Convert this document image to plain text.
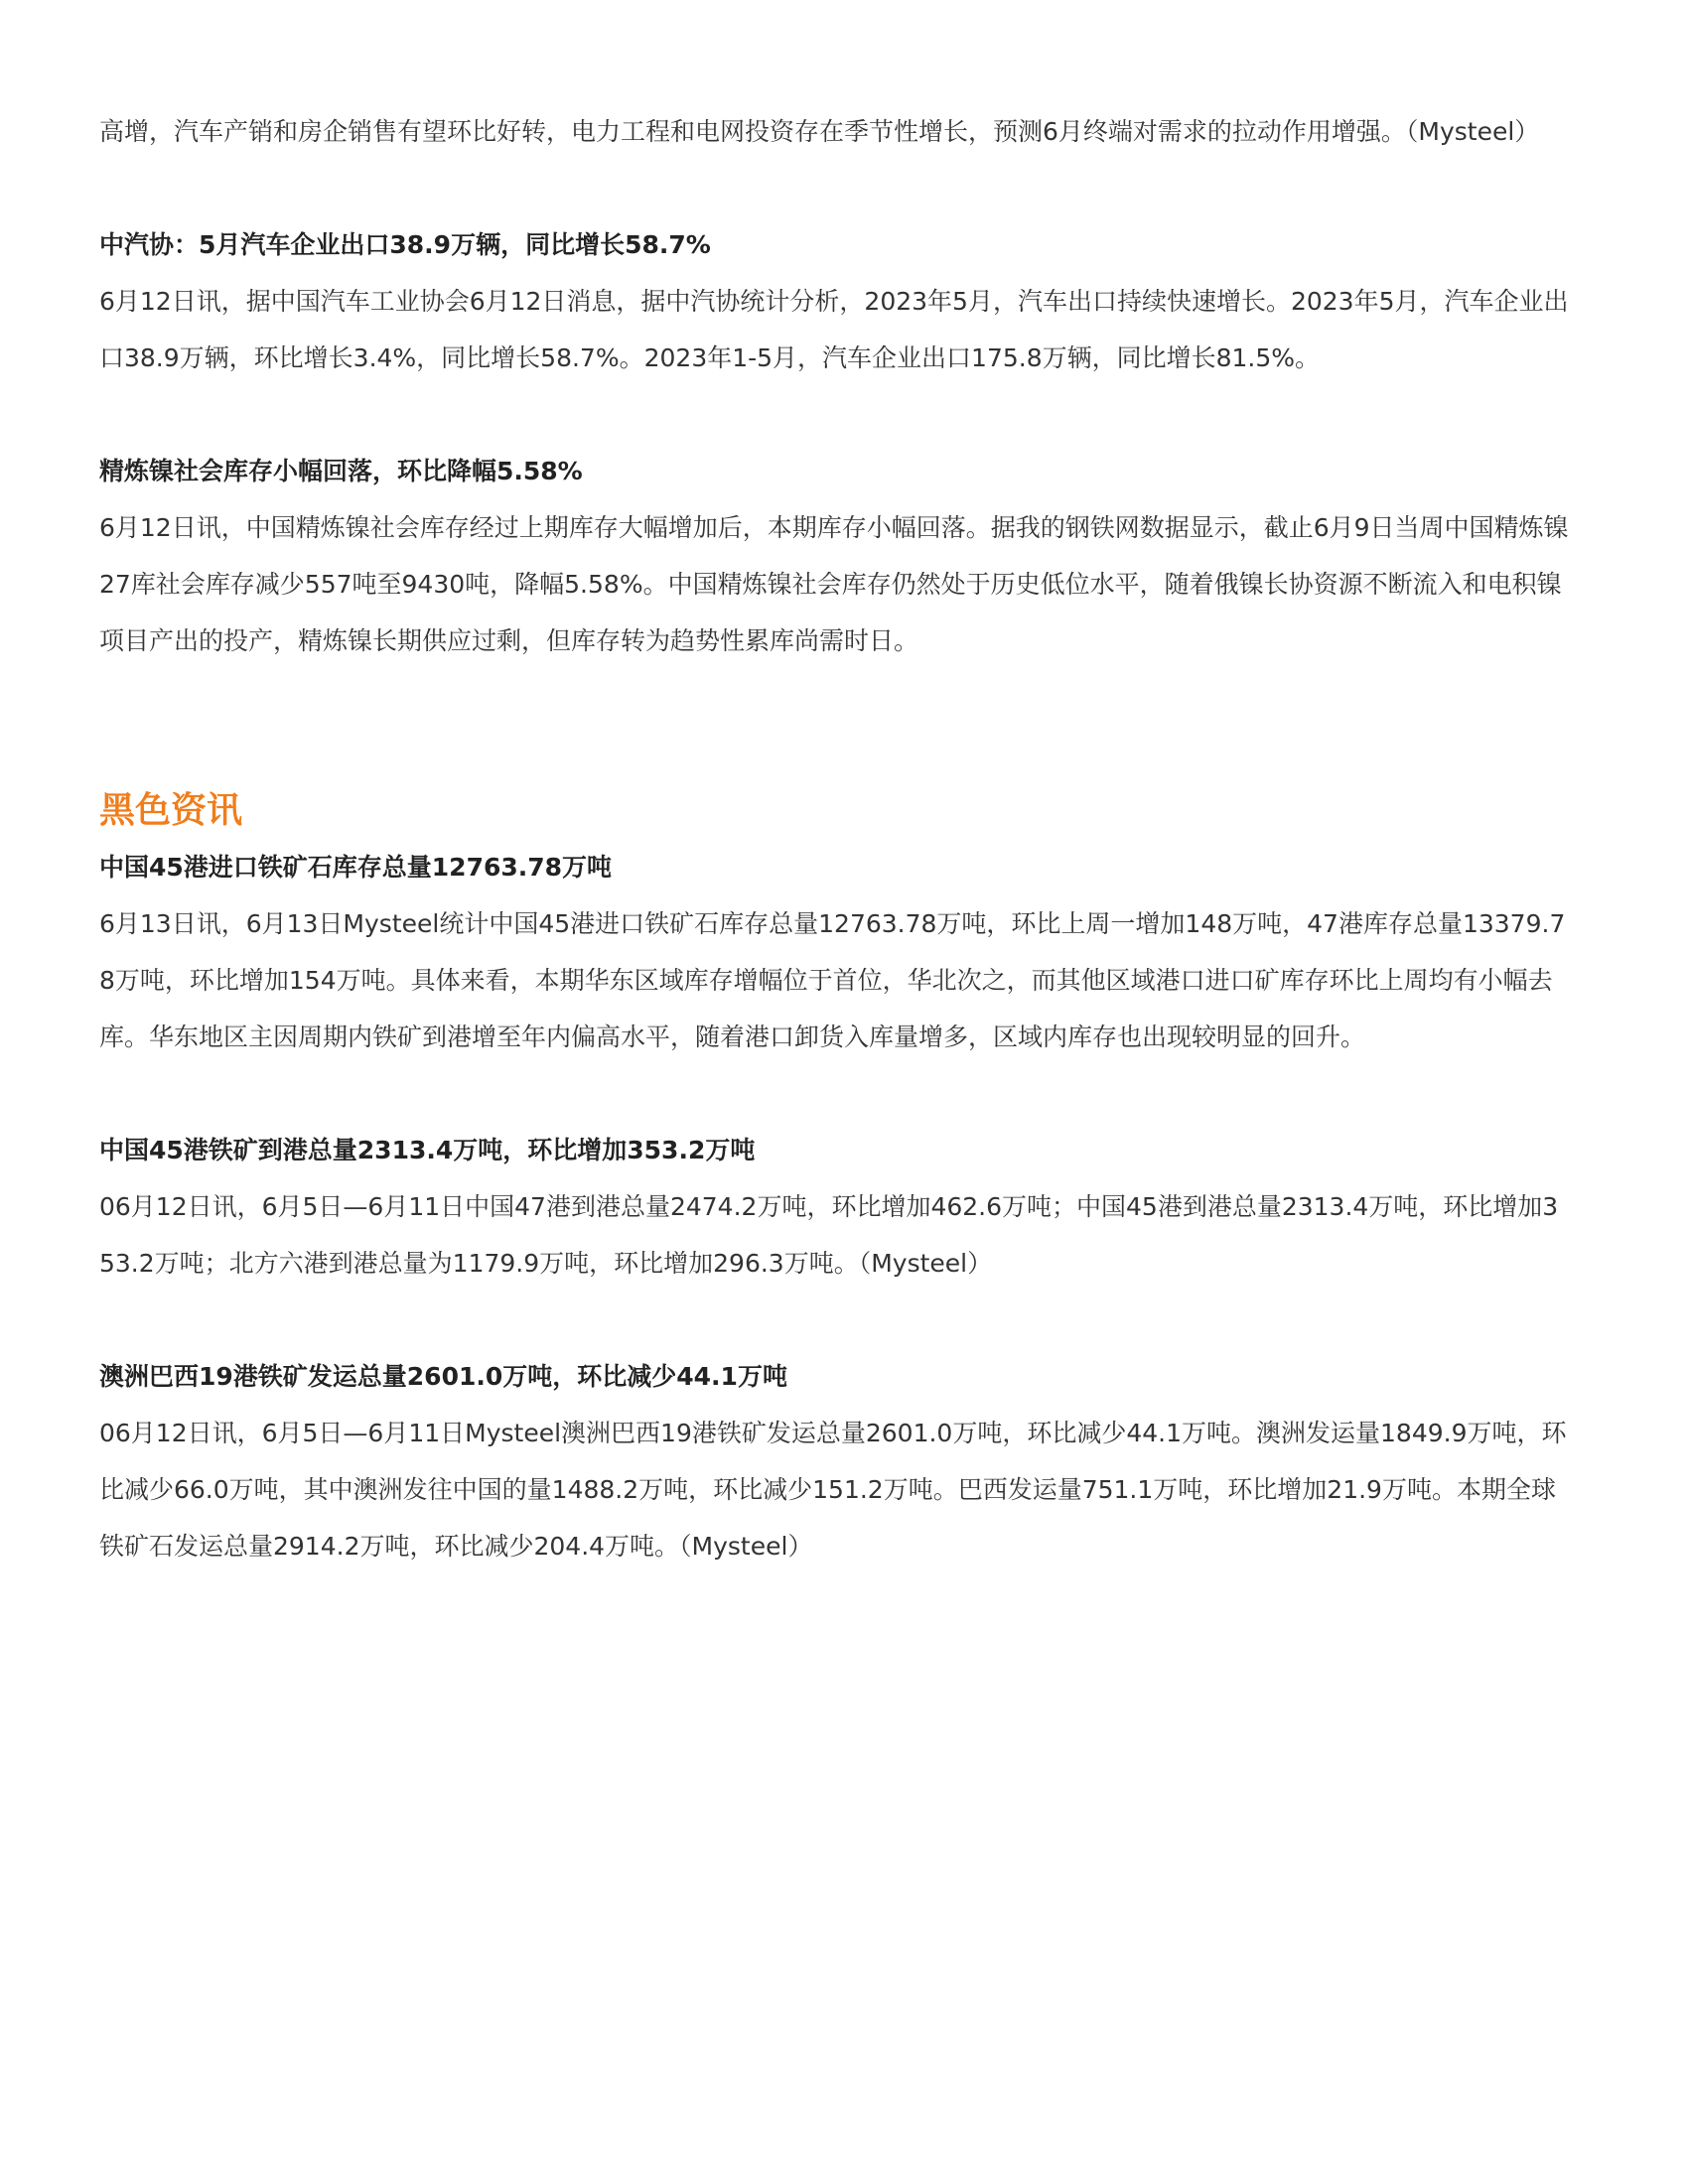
高增，汽车产销和房企销售有望环比好转，电力工程和电网投资存在季节性增长，预测6月终端对需求的拉动作用增强。（Mysteel）

中汽协：5月汽车企业出口38.9万辆，同比增长58.7%

6月12日讯，据中国汽车工业协会6月12日消息，据中汽协统计分析，2023年5月，汽车出口持续快速增长。2023年5月，汽车企业出口38.9万辆，环比增长3.4%，同比增长58.7%。2023年1-5月，汽车企业出口175.8万辆，同比增长81.5%。

精炼镍社会库存小幅回落，环比降幅5.58%

6月12日讯，中国精炼镍社会库存经过上期库存大幅增加后，本期库存小幅回落。据我的钢铁网数据显示，截止6月9日当周中国精炼镍27库社会库存减少557吨至9430吨，降幅5.58%。中国精炼镍社会库存仍然处于历史低位水平，随着俄镍长协资源不断流入和电积镍项目产出的投产，精炼镍长期供应过剩，但库存转为趋势性累库尚需时日。

黑色资讯

中国45港进口铁矿石库存总量12763.78万吨

6月13日讯，6月13日Mysteel统计中国45港进口铁矿石库存总量12763.78万吨，环比上周一增加148万吨，47港库存总量13379.78万吨，环比增加154万吨。具体来看，本期华东区域库存增幅位于首位，华北次之，而其他区域港口进口矿库存环比上周均有小幅去库。华东地区主因周期内铁矿到港增至年内偏高水平，随着港口卸货入库量增多，区域内库存也出现较明显的回升。

中国45港铁矿到港总量2313.4万吨，环比增加353.2万吨

06月12日讯，6月5日—6月11日中国47港到港总量2474.2万吨，环比增加462.6万吨；中国45港到港总量2313.4万吨，环比增加353.2万吨；北方六港到港总量为1179.9万吨，环比增加296.3万吨。（Mysteel）

澳洲巴西19港铁矿发运总量2601.0万吨，环比减少44.1万吨

06月12日讯，6月5日—6月11日Mysteel澳洲巴西19港铁矿发运总量2601.0万吨，环比减少44.1万吨。澳洲发运量1849.9万吨，环比减少66.0万吨，其中澳洲发往中国的量1488.2万吨，环比减少151.2万吨。巴西发运量751.1万吨，环比增加21.9万吨。本期全球铁矿石发运总量2914.2万吨，环比减少204.4万吨。（Mysteel）
